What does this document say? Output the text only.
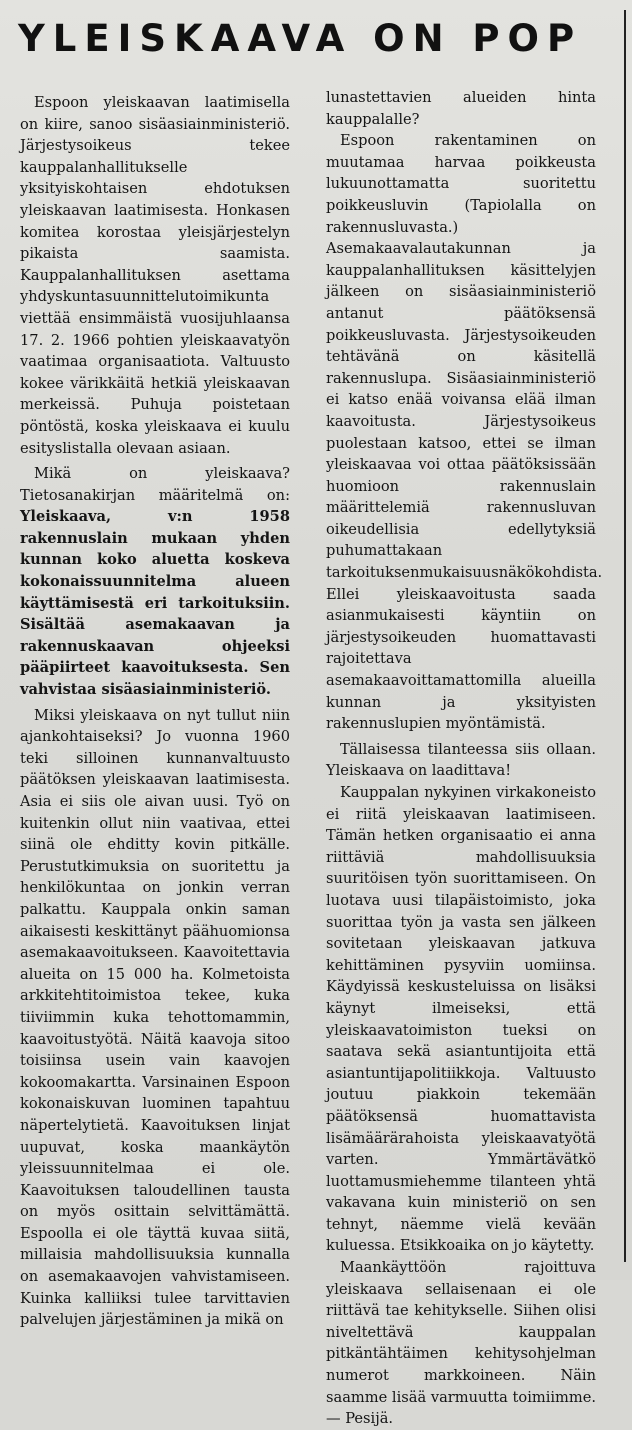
YLEISKAAVA ON POP

Espoon yleiskaavan laatimisella on kiire, sanoo sisäasiainministeriö. Järjestysoikeus tekee kauppalanhallitukselle yksityiskohtaisen ehdotuksen yleiskaavan laatimisesta. Honkasen komitea korostaa yleisjärjestelyn pikaista saamista. Kauppalanhallituksen asettama yhdyskuntasuunnittelutoimikunta viettää ensimmäistä vuosijuhlaansa 17. 2. 1966 pohtien yleiskaavatyön vaatimaa organisaatiota. Valtuusto kokee värikkäitä hetkiä yleiskaavan merkeissä. Puhuja poistetaan pöntöstä, koska yleiskaava ei kuulu esityslistalla olevaan asiaan.

Mikä on yleiskaava? Tietosanakirjan määritelmä on: Yleiskaava, v:n 1958 rakennuslain mukaan yhden kunnan koko aluetta koskeva kokonaissuunnitelma alueen käyttämisestä eri tarkoituksiin. Sisältää asemakaavan ja rakennuskaavan ohjeeksi pääpiirteet kaavoituksesta. Sen vahvistaa sisäasiainministeriö.

Miksi yleiskaava on nyt tullut niin ajankohtaiseksi? Jo vuonna 1960 teki silloinen kunnanvaltuusto päätöksen yleiskaavan laatimisesta. Asia ei siis ole aivan uusi. Työ on kuitenkin ollut niin vaativaa, ettei siinä ole ehditty kovin pitkälle. Perustutkimuksia on suoritettu ja henkilökuntaa on jonkin verran palkattu. Kauppala onkin saman aikaisesti keskittänyt päähuomionsa asemakaavoitukseen. Kaavoitettavia alueita on 15 000 ha. Kolmetoista arkkitehtitoimistoa tekee, kuka tiiviimmin kuka tehottomammin, kaavoitustyötä. Näitä kaavoja sitoo toisiinsa usein vain kaavojen kokoomakartta. Varsinainen Espoon kokonaiskuvan luominen tapahtuu näpertelytietä. Kaavoituksen linjat uupuvat, koska maankäytön yleissuunnitelmaa ei ole. Kaavoituksen taloudellinen tausta on myös osittain selvittämättä. Espoolla ei ole täyttä kuvaa siitä, millaisia mahdollisuuksia kunnalla on asemakaavojen vahvistamiseen. Kuinka kalliiksi tulee tarvittavien palvelujen järjestäminen ja mikä on

lunastettavien alueiden hinta kauppalalle?

Espoon rakentaminen on muutamaa harvaa poikkeusta lukuunottamatta suoritettu poikkeusluvin (Tapiolalla on rakennusluvasta.) Asemakaavalautakunnan ja kauppalanhallituksen käsittelyjen jälkeen on sisäasiainministeriö antanut päätöksensä poikkeusluvasta. Järjestysoikeuden tehtävänä on käsitellä rakennuslupa. Sisäasiainministeriö ei katso enää voivansa elää ilman kaavoitusta. Järjestysoikeus puolestaan katsoo, ettei se ilman yleiskaavaa voi ottaa päätöksissään huomioon rakennuslain määrittelemiä rakennusluvan oikeudellisia edellytyksiä puhumattakaan tarkoituksenmukaisuusnäkökohdista. Ellei yleiskaavoitusta saada asianmukaisesti käyntiin on järjestysoikeuden huomattavasti rajoitettava asemakaavoittamattomilla alueilla kunnan ja yksityisten rakennuslupien myöntämistä.

Tällaisessa tilanteessa siis ollaan. Yleiskaava on laadittava!

Kauppalan nykyinen virkakoneisto ei riitä yleiskaavan laatimiseen. Tämän hetken organisaatio ei anna riittäviä mahdollisuuksia suuritöisen työn suorittamiseen. On luotava uusi tilapäistoimisto, joka suorittaa työn ja vasta sen jälkeen sovitetaan yleiskaavan jatkuva kehittäminen pysyviin uomiinsa. Käydyissä keskusteluissa on lisäksi käynyt ilmeiseksi, että yleiskaavatoimiston tueksi on saatava sekä asiantuntijoita että asiantuntijapolitiikkoja. Valtuusto joutuu piakkoin tekemään päätöksensä huomattavista lisämäärärahoista yleiskaavatyötä varten. Ymmärtävätkö luottamusmiehemme tilanteen yhtä vakavana kuin ministeriö on sen tehnyt, näemme vielä kevään kuluessa. Etsikkoaika on jo käytetty.

Maankäyttöön rajoittuva yleiskaava sellaisenaan ei ole riittävä tae kehitykselle. Siihen olisi niveltettävä kauppalan pitkäntähtäimen kehitysohjelman numerot markkoineen. Näin saamme lisää varmuutta toimiimme. — Pesijä.
